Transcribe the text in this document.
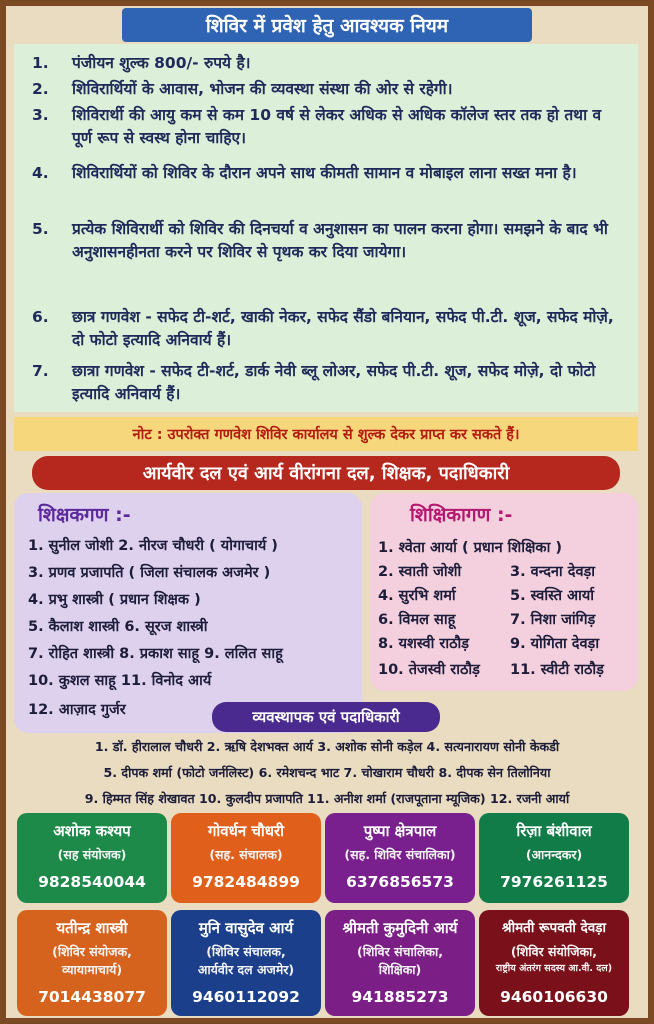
शिविर में प्रवेश हेतु आवश्यक नियम
1. पंजीयन शुल्क 800/- रुपये है।
2. शिविरार्थियों के आवास, भोजन की व्यवस्था संस्था की ओर से रहेगी।
3. शिविरार्थी की आयु कम से कम 10 वर्ष से लेकर अधिक से अधिक कॉलेज स्तर तक हो तथा व पूर्ण रूप से स्वस्थ होना चाहिए।
4. शिविरार्थियों को शिविर के दौरान अपने साथ कीमती सामान व मोबाइल लाना सख्त मना है।
5. प्रत्येक शिविरार्थी को शिविर की दिनचर्या व अनुशासन का पालन करना होगा। समझने के बाद भी अनुशासनहीनता करने पर शिविर से पृथक कर दिया जायेगा।
6. छात्र गणवेश - सफेद टी-शर्ट, खाकी नेकर, सफेद सैंडो बनियान, सफेद पी.टी. शूज, सफेद मोज़े, दो फोटो इत्यादि अनिवार्य हैं।
7. छात्रा गणवेश - सफेद टी-शर्ट, डार्क नेवी ब्लू लोअर, सफेद पी.टी. शूज, सफेद मोज़े, दो फोटो इत्यादि अनिवार्य हैं।
नोट : उपरोक्त गणवेश शिविर कार्यालय से शुल्क देकर प्राप्त कर सकते हैं।
आर्यवीर दल एवं आर्य वीरांगना दल, शिक्षक, पदाधिकारी
शिक्षकगण :-
1. सुनील जोशी 2. नीरज चौधरी ( योगाचार्य )
3. प्रणव प्रजापति ( जिला संचालक अजमेर )
4. प्रभु शास्त्री ( प्रधान शिक्षक )
5. कैलाश शास्त्री 6. सूरज शास्त्री
7. रोहित शास्त्री 8. प्रकाश साहू 9. ललित साहू
10. कुशल साहू 11. विनोद आर्य
12. आज़ाद गुर्जर
शिक्षिकागण :-
1. श्वेता आर्या ( प्रधान शिक्षिका )
2. स्वाती जोशी	3. वन्दना देवड़ा
4. सुरभि शर्मा	5. स्वस्ति आर्या
6. विमल साहू	7. निशा जांगिड़
8. यशस्वी राठौड़	9. योगिता देवड़ा
10. तेजस्वी राठौड़ 11. स्वीटी राठौड़
व्यवस्थापक एवं पदाधिकारी
1. डॉ. हीरालाल चौधरी 2. ऋषि देशभक्त आर्य 3. अशोक सोनी कड़ेल 4. सत्यनारायण सोनी केकडी
5. दीपक शर्मा (फोटो जर्नलिस्ट) 6. रमेशचन्द भाट 7. चोखाराम चौधरी 8. दीपक सेन तिलोनिया
9. हिम्मत सिंह शेखावत 10. कुलदीप प्रजापति 11. अनीश शर्मा (राजपूताना म्यूजिक) 12. रजनी आर्या
अशोक कश्यप
(सह संयोजक)
9828540044
गोवर्धन चौधरी
(सह. संचालक)
9782484899
पुष्पा क्षेत्रपाल
(सह. शिविर संचालिका)
6376856573
रिज़ा बंशीवाल
(आनन्दकर)
7976261125
यतीन्द्र शास्त्री
(शिविर संयोजक,
व्यायामाचार्य)
7014438077
मुनि वासुदेव आर्य
(शिविर संचालक,
आर्यवीर दल अजमेर)
9460112092
श्रीमती कुमुदिनी आर्य
(शिविर संचालिका,
शिक्षिका)
941885273
श्रीमती रूपवती देवड़ा
(शिविर संयोजिका,
राष्ट्रीय अंतरंग सदस्य आ.वी. दल)
9460106630
